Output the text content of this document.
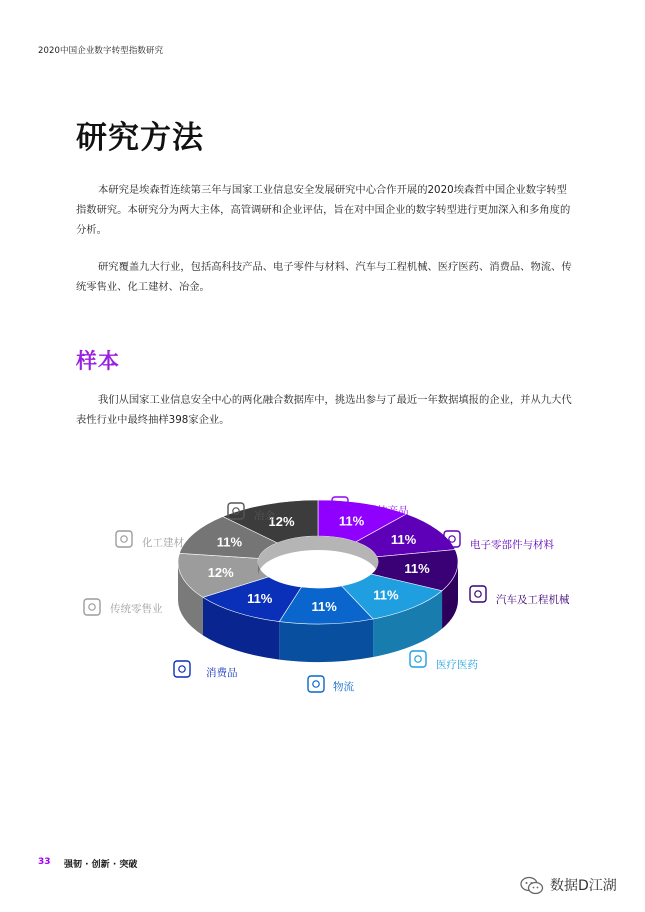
2020中国企业数字转型指数研究
研究方法

本研究是埃森哲连续第三年与国家工业信息安全发展研究中心合作开展的2020埃森哲中国企业数字转型指数研究。本研究分为两大主体，高管调研和企业评估，旨在对中国企业的数字转型进行更加深入和多角度的分析。

研究覆盖九大行业，包括高科技产品、电子零件与材料、汽车与工程机械、医疗医药、消费品、物流、传统零售业、化工建材、冶金。

样本

我们从国家工业信息安全中心的两化融合数据库中，挑选出参与了最近一年数据填报的企业，并从九大代表性行业中最终抽样398家企业。

11%
11%
11%
11%
11%
11%
12%
11%
12%
高科技产品
电子零部件与材料
汽车及工程机械
医疗医药
物流
消费品
传统零售业
化工建材
冶金
33 强韧 · 创新 · 突破
数据D江湖
